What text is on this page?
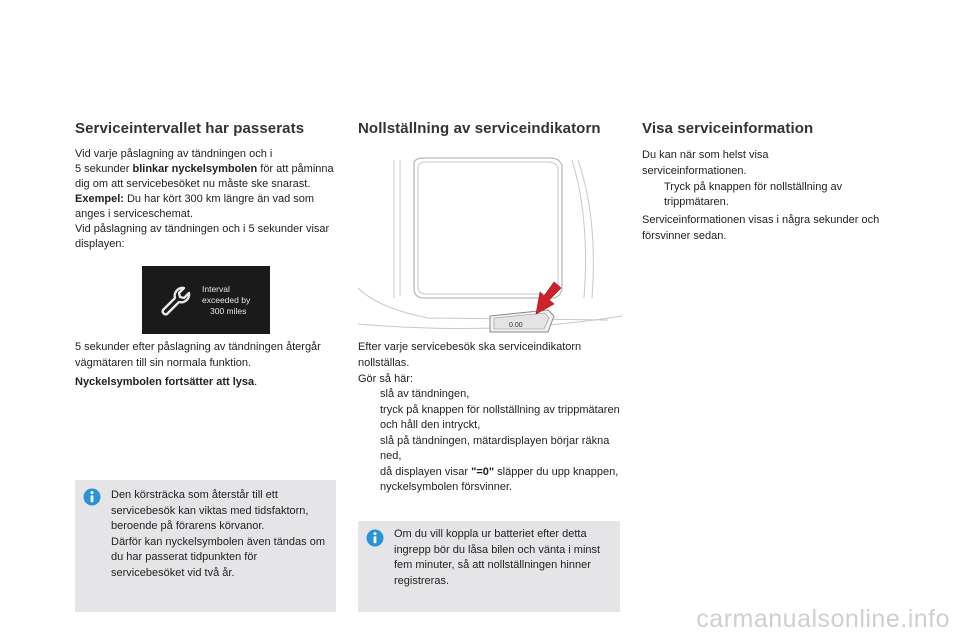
Serviceintervallet har passerats

Vid varje påslagning av tändningen och i
5 sekunder blinkar nyckelsymbolen för att påminna dig om att servicebesöket nu måste ske snarast.
Exempel: Du har kört 300 km längre än vad som anges i serviceschemat.
Vid påslagning av tändningen och i 5 sekunder visar displayen:

Interval
exceeded by
300 miles

5 sekunder efter påslagning av tändningen återgår vägmätaren till sin normala funktion.

Nyckelsymbolen fortsätter att lysa.

Den körsträcka som återstår till ett servicebesök kan viktas med tidsfaktorn, beroende på förarens körvanor.
Därför kan nyckelsymbolen även tändas om du har passerat tidpunkten för servicebesöket vid två år.
Nollställning av serviceindikatorn
0.00

Efter varje servicebesök ska serviceindikatorn nollställas.

Gör så här:

slå av tändningen,
tryck på knappen för nollställning av trippmätaren och håll den intryckt,
slå på tändningen, mätardisplayen börjar räkna ned,
då displayen visar "=0" släpper du upp knappen, nyckelsymbolen försvinner.
Om du vill koppla ur batteriet efter detta ingrepp bör du låsa bilen och vänta i minst fem minuter, så att nollställningen hinner registreras.
Visa serviceinformation

Du kan när som helst visa serviceinformationen.

Tryck på knappen för nollställning av trippmätaren.

Serviceinformationen visas i några sekunder och försvinner sedan.

carmanualsonline.info
